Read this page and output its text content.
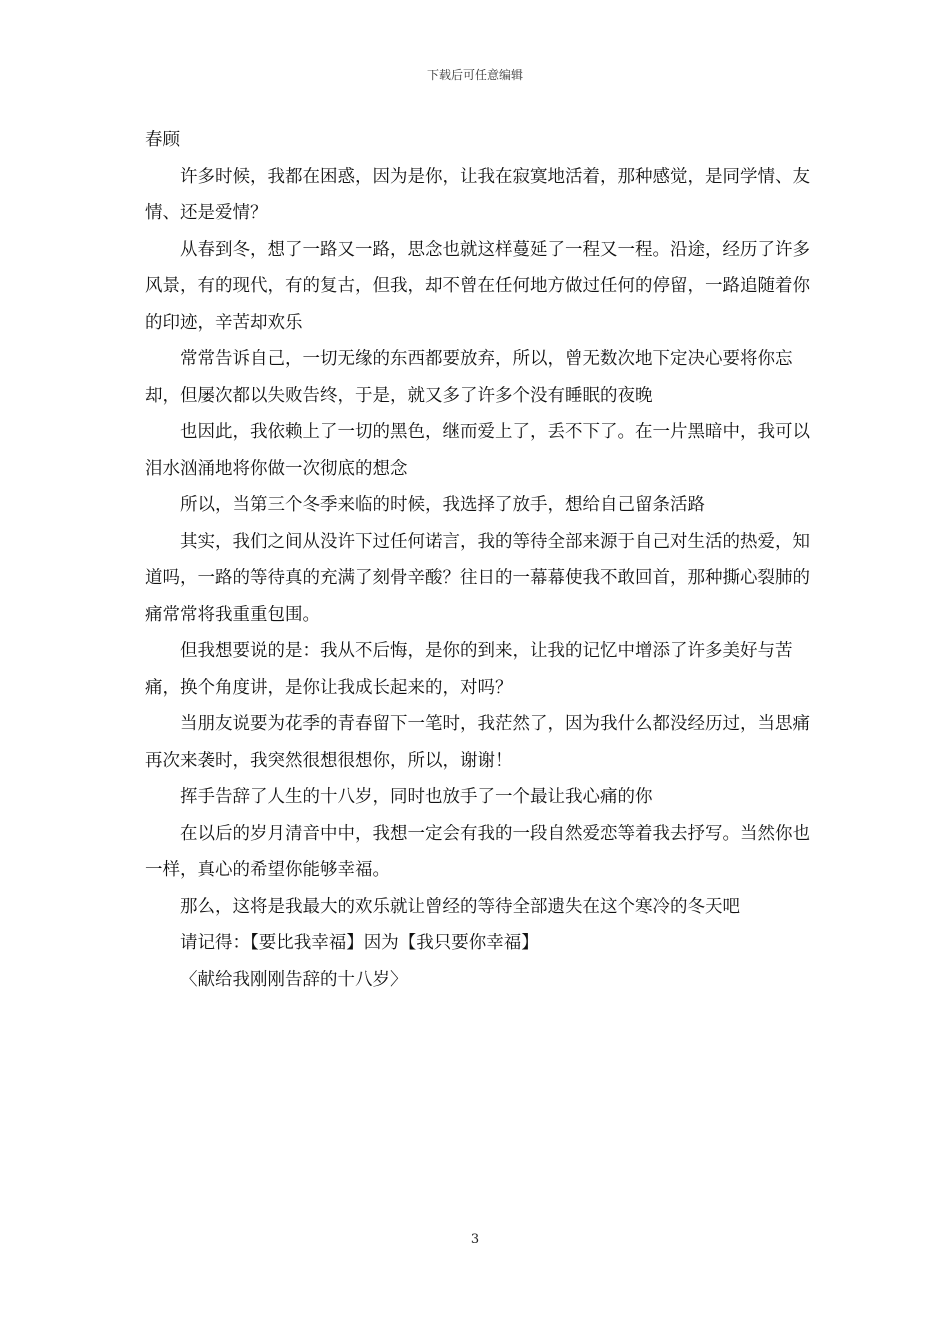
下载后可任意编辑

春顾

许多时候，我都在困惑，因为是你，让我在寂寞地活着，那种感觉，是同学情、友情、还是爱情？

从春到冬，想了一路又一路，思念也就这样蔓延了一程又一程。沿途，经历了许多风景，有的现代，有的复古，但我，却不曾在任何地方做过任何的停留，一路追随着你的印迹，辛苦却欢乐

常常告诉自己，一切无缘的东西都要放弃，所以，曾无数次地下定决心要将你忘却，但屡次都以失败告终，于是，就又多了许多个没有睡眠的夜晚

也因此，我依赖上了一切的黑色，继而爱上了，丢不下了。在一片黑暗中，我可以泪水汹涌地将你做一次彻底的想念

所以，当第三个冬季来临的时候，我选择了放手，想给自己留条活路

其实，我们之间从没许下过任何诺言，我的等待全部来源于自己对生活的热爱，知道吗，一路的等待真的充满了刻骨辛酸？往日的一幕幕使我不敢回首，那种撕心裂肺的痛常常将我重重包围。

但我想要说的是：我从不后悔，是你的到来，让我的记忆中增添了许多美好与苦痛，换个角度讲，是你让我成长起来的，对吗？

当朋友说要为花季的青春留下一笔时，我茫然了，因为我什么都没经历过，当思痛再次来袭时，我突然很想很想你，所以，谢谢！

挥手告辞了人生的十八岁，同时也放手了一个最让我心痛的你

在以后的岁月清音中中，我想一定会有我的一段自然爱恋等着我去抒写。当然你也一样，真心的希望你能够幸福。

那么，这将是我最大的欢乐就让曾经的等待全部遗失在这个寒冷的冬天吧

请记得：【要比我幸福】因为【我只要你幸福】

〈献给我刚刚告辞的十八岁〉

3
